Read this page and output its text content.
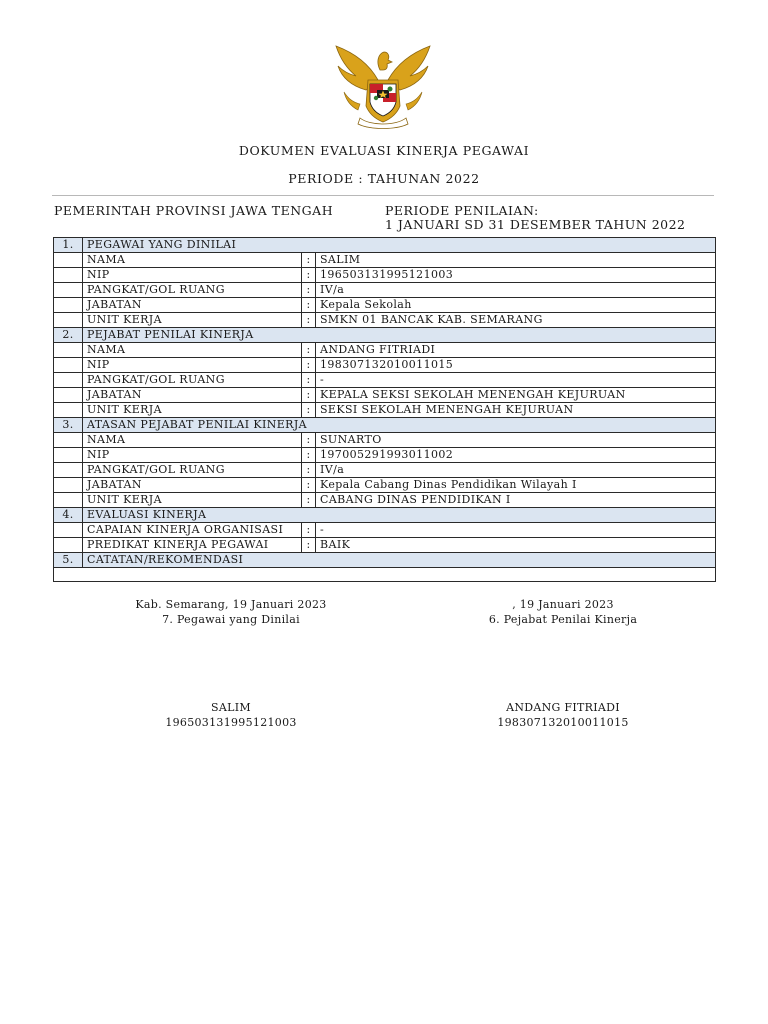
DOKUMEN EVALUASI KINERJA PEGAWAI
PERIODE : TAHUNAN 2022
PEMERINTAH PROVINSI JAWA TENGAH	PERIODE PENILAIAN:
1 JANUARI SD 31 DESEMBER TAHUN 2022
1.	PEGAWAI YANG DINILAI		
	NAMA	:	SALIM
	NIP	:	196503131995121003
	PANGKAT/GOL RUANG	:	IV/a
	JABATAN	:	Kepala Sekolah
	UNIT KERJA	:	SMKN 01 BANCAK KAB. SEMARANG
2.	PEJABAT PENILAI KINERJA		
	NAMA	:	ANDANG FITRIADI
	NIP	:	198307132010011015
	PANGKAT/GOL RUANG	:	-
	JABATAN	:	KEPALA SEKSI SEKOLAH MENENGAH KEJURUAN
	UNIT KERJA	:	SEKSI SEKOLAH MENENGAH KEJURUAN
3.	ATASAN PEJABAT PENILAI KINERJA		
	NAMA	:	SUNARTO
	NIP	:	197005291993011002
	PANGKAT/GOL RUANG	:	IV/a
	JABATAN	:	Kepala Cabang Dinas Pendidikan Wilayah I
	UNIT KERJA	:	CABANG DINAS PENDIDIKAN I
4.	EVALUASI KINERJA		
	CAPAIAN KINERJA ORGANISASI	:	-
	PREDIKAT KINERJA PEGAWAI	:	BAIK
5.	CATATAN/REKOMENDASI		

Kab. Semarang, 19 Januari 2023
7. Pegawai yang Dinilai
SALIM
196503131995121003
, 19 Januari 2023
6. Pejabat Penilai Kinerja
ANDANG FITRIADI
198307132010011015
